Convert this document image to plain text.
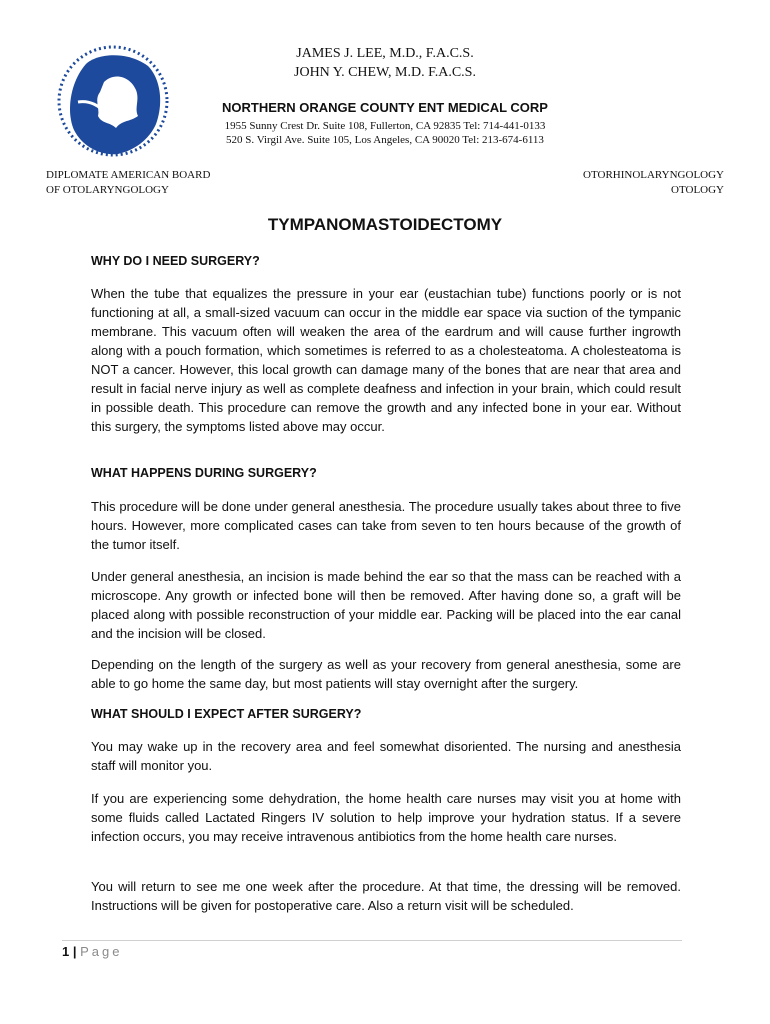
JAMES J. LEE, M.D., F.A.C.S.
JOHN Y. CHEW, M.D. F.A.C.S.
NORTHERN ORANGE COUNTY ENT MEDICAL CORP
1955 Sunny Crest Dr. Suite 108, Fullerton, CA 92835 Tel: 714-441-0133
520 S. Virgil Ave. Suite 105, Los Angeles, CA 90020 Tel: 213-674-6113
DIPLOMATE AMERICAN BOARD
OF OTOLARYNGOLOGY
OTORHINOLARYNGOLOGY
OTOLOGY
TYMPANOMASTOIDECTOMY
WHY DO I NEED SURGERY?

When the tube that equalizes the pressure in your ear (eustachian tube) functions poorly or is not functioning at all, a small-sized vacuum can occur in the middle ear space via suction of the tympanic membrane. This vacuum often will weaken the area of the eardrum and will cause further ingrowth along with a pouch formation, which sometimes is referred to as a cholesteatoma. A cholesteatoma is NOT a cancer. However, this local growth can damage many of the bones that are near that area and result in facial nerve injury as well as complete deafness and infection in your brain, which could result in possible death. This procedure can remove the growth and any infected bone in your ear. Without this surgery, the symptoms listed above may occur.

WHAT HAPPENS DURING SURGERY?

This procedure will be done under general anesthesia. The procedure usually takes about three to five hours. However, more complicated cases can take from seven to ten hours because of the growth of the tumor itself.

Under general anesthesia, an incision is made behind the ear so that the mass can be reached with a microscope. Any growth or infected bone will then be removed. After having done so, a graft will be placed along with possible reconstruction of your middle ear. Packing will be placed into the ear canal and the incision will be closed.

Depending on the length of the surgery as well as your recovery from general anesthesia, some are able to go home the same day, but most patients will stay overnight after the surgery.

WHAT SHOULD I EXPECT AFTER SURGERY?

You may wake up in the recovery area and feel somewhat disoriented. The nursing and anesthesia staff will monitor you.

If you are experiencing some dehydration, the home health care nurses may visit you at home with some fluids called Lactated Ringers IV solution to help improve your hydration status. If a severe infection occurs, you may receive intravenous antibiotics from the home health care nurses.

You will return to see me one week after the procedure. At that time, the dressing will be removed. Instructions will be given for postoperative care. Also a return visit will be scheduled.

1 | Page
